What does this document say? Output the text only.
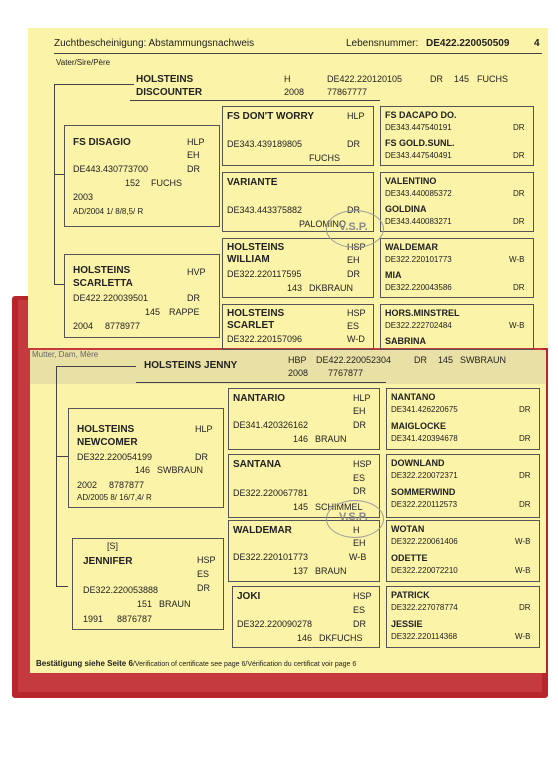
Zuchtbescheinigung: Abstammungsnachweis	Lebensnummer: DE422.220050509 4
Vater/Sire/Père
Mutter, Dam, Mère
HOLSTEINS
DISCOUNTER
H	DE422.220120105	DR 145 FUCHS
2008	77867777
FS DISAGIO	HLP
EH
DE443.430773700	DR
152 FUCHS
2003
AD/2004 1/ 8/8,5/ R
HOLSTEINS
SCARLETTA
HVP
DE422.220039501	DR
145 RAPPE
2004 8778977
FS DON'T WORRY	HLP
DE343.439189805	DR
FUCHS
VARIANTE
DE343.443375882	DR
PALOMINO
HOLSTEINS
WILLIAM
HSP
EH
DE322.220117595	DR
143 DKBRAUN
HOLSTEINS
SCARLET
HSP
ES
DE322.220157096	W-D
FS DACAPO DO.
DE343.447540191	DR
FS GOLD.SUNL.
DE343.447540491	DR
VALENTINO
DE343.440085372	DR
GOLDINA
DE343.440083271	DR
WALDEMAR
DE322.220101773	W-B
MIA
DE322.220043586	DR
HORS.MINSTREL
DE322.222702484	W-B
SABRINA
HOLSTEINS JENNY	HBP DE422.220052304	DR 145 SWBRAUN
2008 7767877
HOLSTEINS
NEWCOMER
HLP
DE322.220054199	DR
146 SWBRAUN
2002 8787877
AD/2005 8/ 16/7,4/ R
[S]
JENNIFER	HSP
ES
DE322.220053888	DR
151 BRAUN
1991 8876787
NANTARIO	HLP
EH
DE341.420326162	DR
146 BRAUN
SANTANA	HSP
ES
DE322.220067781	DR
145 SCHIMMEL
WALDEMAR	H
EH
DE322.220101773	W-B
137 BRAUN
JOKI	HSP
ES
DE322.220090278	DR
146 DKFUCHS
NANTANO
DE341.426220675	DR
MAIGLOCKE
DE341.420394678	DR
DOWNLAND
DE322.220072371	DR
SOMMERWIND
DE322.220112573	DR
WOTAN
DE322.220061406	W-B
ODETTE
DE322.220072210	W-B
PATRICK
DE322.227078774	DR
JESSIE
DE322.220114368	W-B
V.S.P.
V.S.P.
Bestätigung siehe Seite 6/Verification of certificate see page 6/Vérification du certificat voir page 6
